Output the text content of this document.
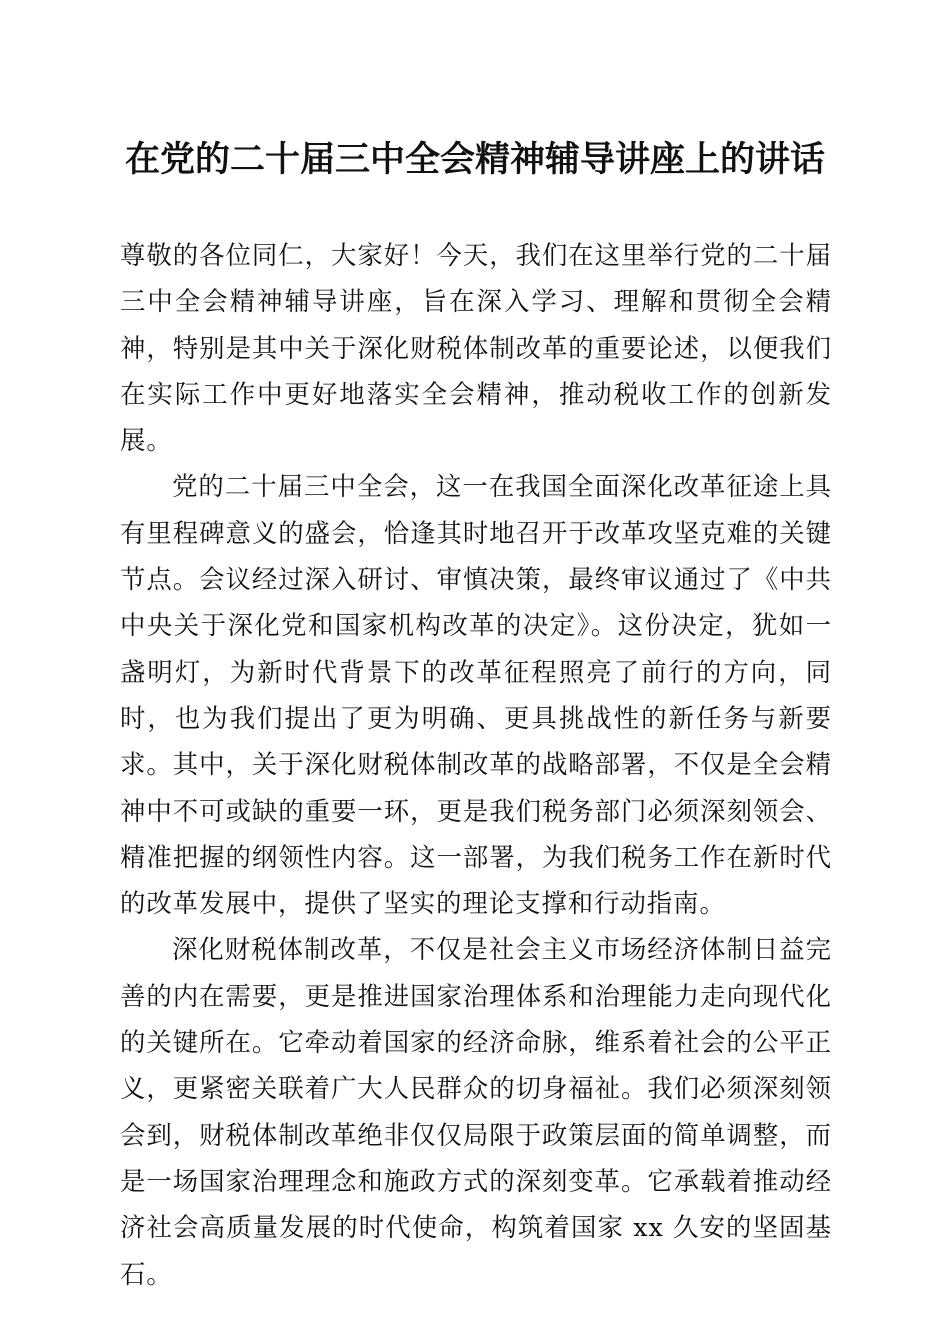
在党的二十届三中全会精神辅导讲座上的讲话

尊敬的各位同仁，大家好！今天，我们在这里举行党的二十届三中全会精神辅导讲座，旨在深入学习、理解和贯彻全会精神，特别是其中关于深化财税体制改革的重要论述，以便我们在实际工作中更好地落实全会精神，推动税收工作的创新发展。

党的二十届三中全会，这一在我国全面深化改革征途上具有里程碑意义的盛会，恰逢其时地召开于改革攻坚克难的关键节点。会议经过深入研讨、审慎决策，最终审议通过了《中共中央关于深化党和国家机构改革的决定》。这份决定，犹如一盏明灯，为新时代背景下的改革征程照亮了前行的方向，同时，也为我们提出了更为明确、更具挑战性的新任务与新要求。其中，关于深化财税体制改革的战略部署，不仅是全会精神中不可或缺的重要一环，更是我们税务部门必须深刻领会、精准把握的纲领性内容。这一部署，为我们税务工作在新时代的改革发展中，提供了坚实的理论支撑和行动指南。

深化财税体制改革，不仅是社会主义市场经济体制日益完善的内在需要，更是推进国家治理体系和治理能力走向现代化的关键所在。它牵动着国家的经济命脉，维系着社会的公平正义，更紧密关联着广大人民群众的切身福祉。我们必须深刻领会到，财税体制改革绝非仅仅局限于政策层面的简单调整，而是一场国家治理理念和施政方式的深刻变革。它承载着推动经济社会高质量发展的时代使命，构筑着国家 xx 久安的坚固基石。
